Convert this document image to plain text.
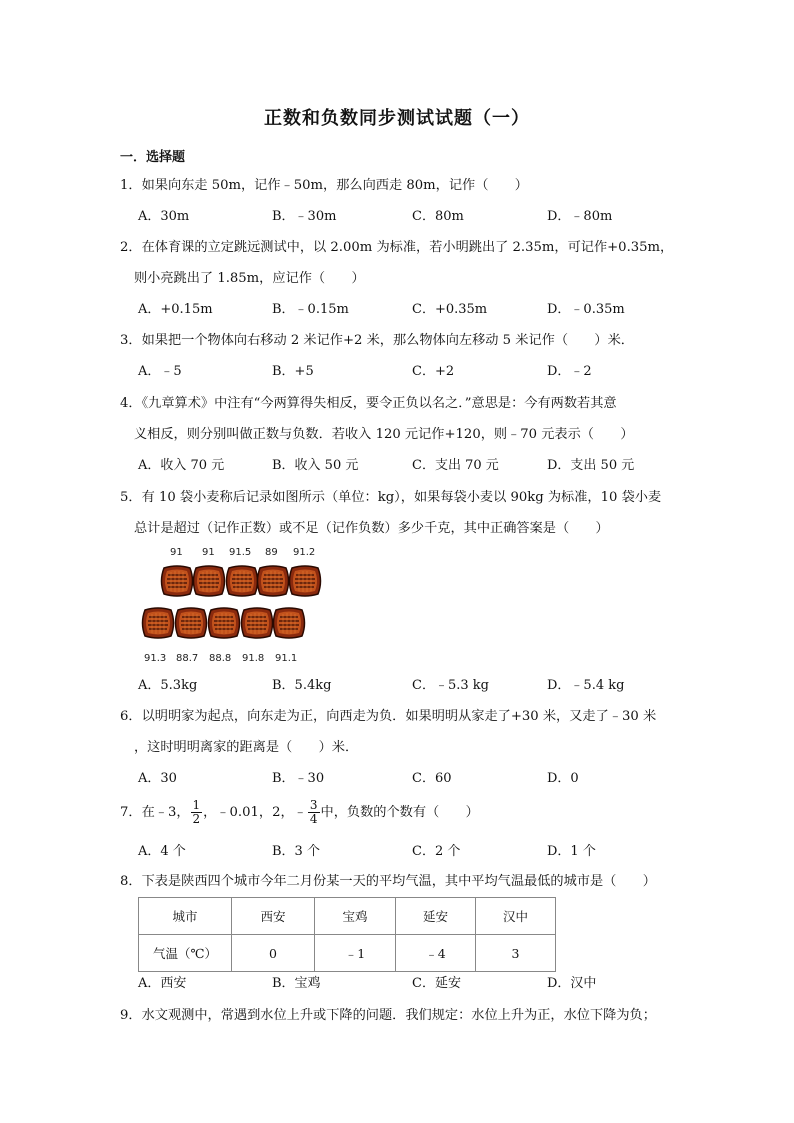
正数和负数同步测试试题（一）
一．选择题
1．如果向东走 50m，记作﹣50m，那么向西走 80m，记作（　　）
A．30m	B．﹣30m	C．80m	D．﹣80m
2．在体育课的立定跳远测试中，以 2.00m 为标准，若小明跳出了 2.35m，可记作+0.35m，
则小亮跳出了 1.85m，应记作（　　）
A．+0.15m	B．﹣0.15m	C．+0.35m	D．﹣0.35m
3．如果把一个物体向右移动 2 米记作+2 米，那么物体向左移动 5 米记作（　　）米．
A．﹣5	B．+5	C．+2	D．﹣2
4．《九章算术》中注有“今两算得失相反，要令正负以名之．”意思是：今有两数若其意
义相反，则分别叫做正数与负数．若收入 120 元记作+120，则﹣70 元表示（　　）
A．收入 70 元	B．收入 50 元	C．支出 70 元	D．支出 50 元
5．有 10 袋小麦称后记录如图所示（单位：kg），如果每袋小麦以 90kg 为标准，10 袋小麦
总计是超过（记作正数）或不足（记作负数）多少千克，其中正确答案是（　　）
91 91 91.5 89 91.2
91.3 88.7 88.8 91.8 91.1
A．5.3kg	B．5.4kg	C．﹣5.3 kg	D．﹣5.4 kg
6．以明明家为起点，向东走为正，向西走为负．如果明明从家走了+30 米，又走了﹣30 米
，这时明明离家的距离是（　　）米．
A．30	B．﹣30	C．60	D．0
7．在﹣3， $\frac{1}{2}$ ，﹣0.01，2，﹣ $\frac{3}{4}$ 中，负数的个数有（　　）
A．4 个	B．3 个	C．2 个	D．1 个
8．下表是陕西四个城市今年二月份某一天的平均气温，其中平均气温最低的城市是（　　）
城市	西安	宝鸡	延安	汉中
气温（℃）	0	﹣1	﹣4	3
A．西安	B．宝鸡	C．延安	D．汉中
9．水文观测中，常遇到水位上升或下降的问题．我们规定：水位上升为正，水位下降为负；
